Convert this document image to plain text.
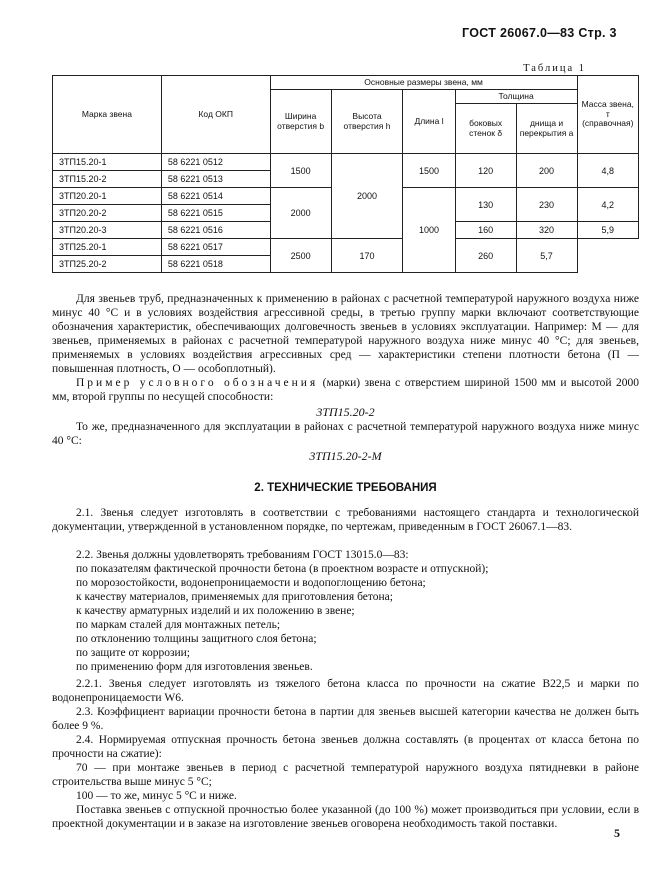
ГОСТ 26067.0—83 Стр. 3
Таблица 1
Марка звена	Код ОКП	Основные размеры звена, мм					Масса звена, т (справочная)
		Ширина отверстия b	Высота отверстия h	Длина l	Толщина		
					боковых стенок δ	днища и перекрытия a	
3ТП15.20-1	58 6221 0512	1500	2000	1500	120	200	4,8
3ТП15.20-2	58 6221 0513						
3ТП20.20-1	58 6221 0514	2000		1000	130	230	4,2
3ТП20.20-2	58 6221 0515						
3ТП20.20-3	58 6221 0516				160	320	5,9
3ТП25.20-1	58 6221 0517	2500	170		260	5,7	
3ТП25.20-2	58 6221 0518						
Для звеньев труб, предназначенных к применению в районах с расчетной температурой наружного воздуха ниже минус 40 °С и в условиях воздействия агрессивной среды, в третью группу марки включают соответствующие обозначения характеристик, обеспечивающих долговечность звеньев в условиях эксплуатации. Например: М — для звеньев, применяемых в районах с расчетной температурой наружного воздуха ниже минус 40 °С; для звеньев, применяемых в условиях воздействия агрессивных сред — характеристики степени плотности бетона (П — повышенная плотность, О — особоплотный).
Пример условного обозначения (марки) звена с отверстием шириной 1500 мм и высотой 2000 мм, второй группы по несущей способности:
3ТП15.20-2
То же, предназначенного для эксплуатации в районах с расчетной температурой наружного воздуха ниже минус 40 °С:
3ТП15.20-2-М
2. ТЕХНИЧЕСКИЕ ТРЕБОВАНИЯ
2.1. Звенья следует изготовлять в соответствии с требованиями настоящего стандарта и технологической документации, утвержденной в установленном порядке, по чертежам, приведенным в ГОСТ 26067.1—83.
2.2. Звенья должны удовлетворять требованиям ГОСТ 13015.0—83:
по показателям фактической прочности бетона (в проектном возрасте и отпускной);
по морозостойкости, водонепроницаемости и водопоглощению бетона;
к качеству материалов, применяемых для приготовления бетона;
к качеству арматурных изделий и их положению в звене;
по маркам сталей для монтажных петель;
по отклонению толщины защитного слоя бетона;
по защите от коррозии;
по применению форм для изготовления звеньев.
2.2.1. Звенья следует изготовлять из тяжелого бетона класса по прочности на сжатие В22,5 и марки по водонепроницаемости W6.
2.3. Коэффициент вариации прочности бетона в партии для звеньев высшей категории качества не должен быть более 9 %.
2.4. Нормируемая отпускная прочность бетона звеньев должна составлять (в процентах от класса бетона по прочности на сжатие):
70 — при монтаже звеньев в период с расчетной температурой наружного воздуха пятидневки в районе строительства выше минус 5 °С;
100 — то же, минус 5 °С и ниже.
Поставка звеньев с отпускной прочностью более указанной (до 100 %) может производиться при условии, если в проектной документации и в заказе на изготовление звеньев оговорена необходимость такой поставки.
5
